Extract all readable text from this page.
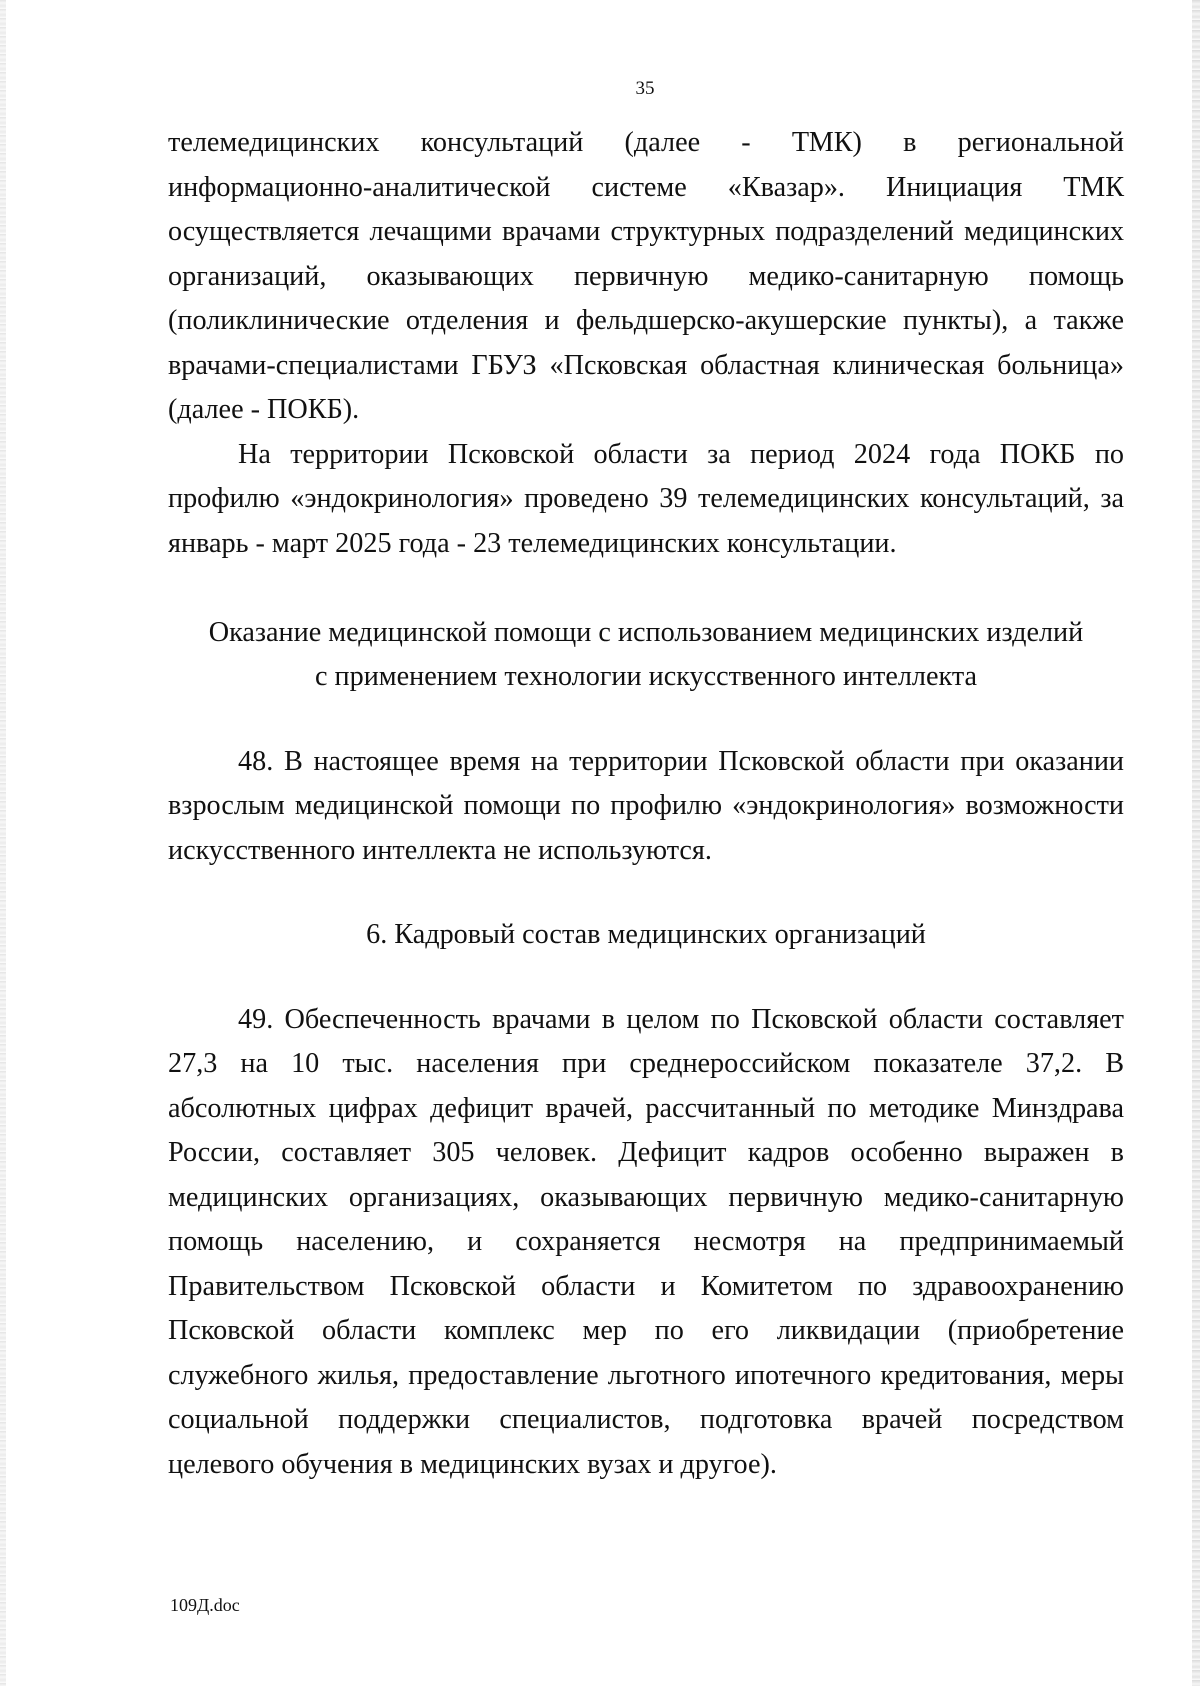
35

телемедицинских консультаций (далее - ТМК) в региональной информационно-аналитической системе «Квазар». Инициация ТМК осуществляется лечащими врачами структурных подразделений медицинских организаций, оказывающих первичную медико-санитарную помощь (поликлинические отделения и фельдшерско-акушерские пункты), а также врачами-специалистами ГБУЗ «Псковская областная клиническая больница» (далее - ПОКБ).

На территории Псковской области за период 2024 года ПОКБ по профилю «эндокринология» проведено 39 телемедицинских консультаций, за январь - март 2025 года - 23 телемедицинских консультации.

Оказание медицинской помощи с использованием медицинских изделий
с применением технологии искусственного интеллекта

48. В настоящее время на территории Псковской области при оказании взрослым медицинской помощи по профилю «эндокринология» возможности искусственного интеллекта не используются.

6. Кадровый состав медицинских организаций

49. Обеспеченность врачами в целом по Псковской области составляет 27,3 на 10 тыс. населения при среднероссийском показателе 37,2. В абсолютных цифрах дефицит врачей, рассчитанный по методике Минздрава России, составляет 305 человек. Дефицит кадров особенно выражен в медицинских организациях, оказывающих первичную медико-санитарную помощь населению, и сохраняется несмотря на предпринимаемый Правительством Псковской области и Комитетом по здравоохранению Псковской области комплекс мер по его ликвидации (приобретение служебного жилья, предоставление льготного ипотечного кредитования, меры социальной поддержки специалистов, подготовка врачей посредством целевого обучения в медицинских вузах и другое).

109Д.doc
